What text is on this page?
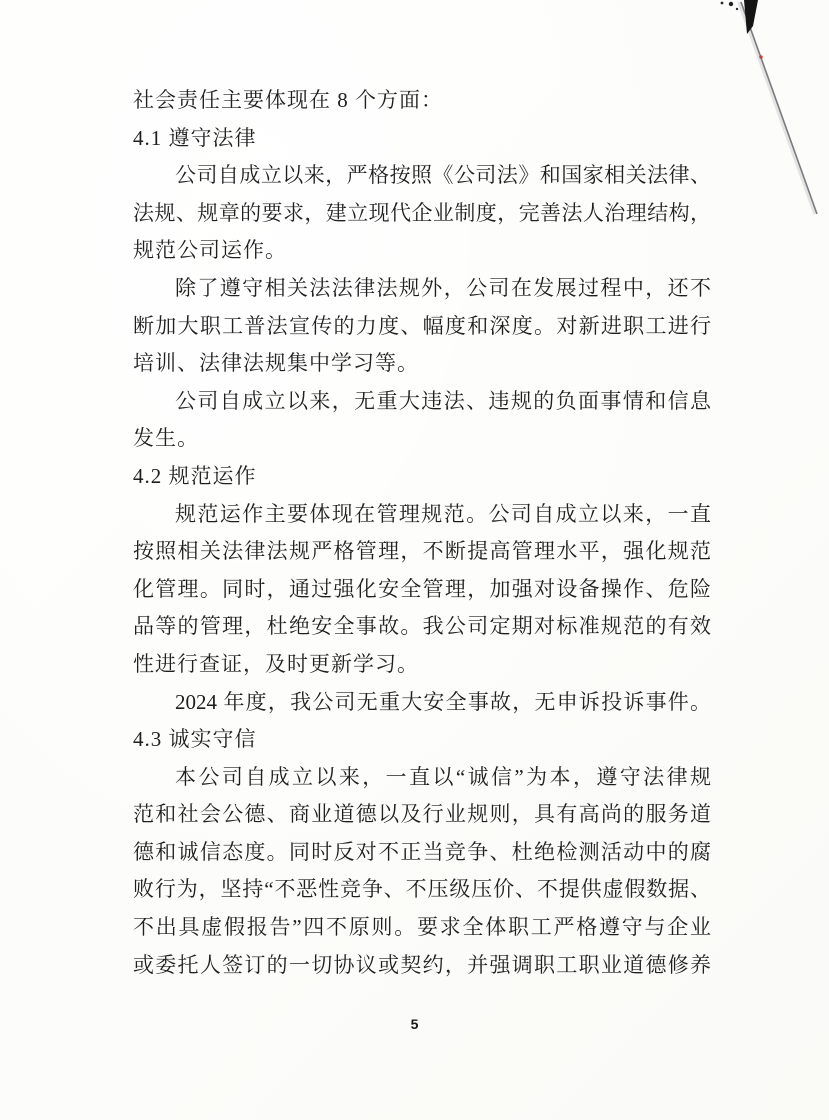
社会责任主要体现在 8 个方面：
4.1 遵守法律
公司自成立以来，严格按照《公司法》和国家相关法律、
法规、规章的要求，建立现代企业制度，完善法人治理结构，
规范公司运作。
除了遵守相关法法律法规外，公司在发展过程中，还不
断加大职工普法宣传的力度、幅度和深度。对新进职工进行
培训、法律法规集中学习等。
公司自成立以来，无重大违法、违规的负面事情和信息
发生。
4.2 规范运作
规范运作主要体现在管理规范。公司自成立以来，一直
按照相关法律法规严格管理，不断提高管理水平，强化规范
化管理。同时，通过强化安全管理，加强对设备操作、危险
品等的管理，杜绝安全事故。我公司定期对标准规范的有效
性进行查证，及时更新学习。
2024 年度，我公司无重大安全事故，无申诉投诉事件。
4.3 诚实守信
本公司自成立以来，一直以“诚信”为本，遵守法律规
范和社会公德、商业道德以及行业规则，具有高尚的服务道
德和诚信态度。同时反对不正当竞争、杜绝检测活动中的腐
败行为，坚持“不恶性竞争、不压级压价、不提供虚假数据、
不出具虚假报告”四不原则。要求全体职工严格遵守与企业
或委托人签订的一切协议或契约，并强调职工职业道德修养
5
